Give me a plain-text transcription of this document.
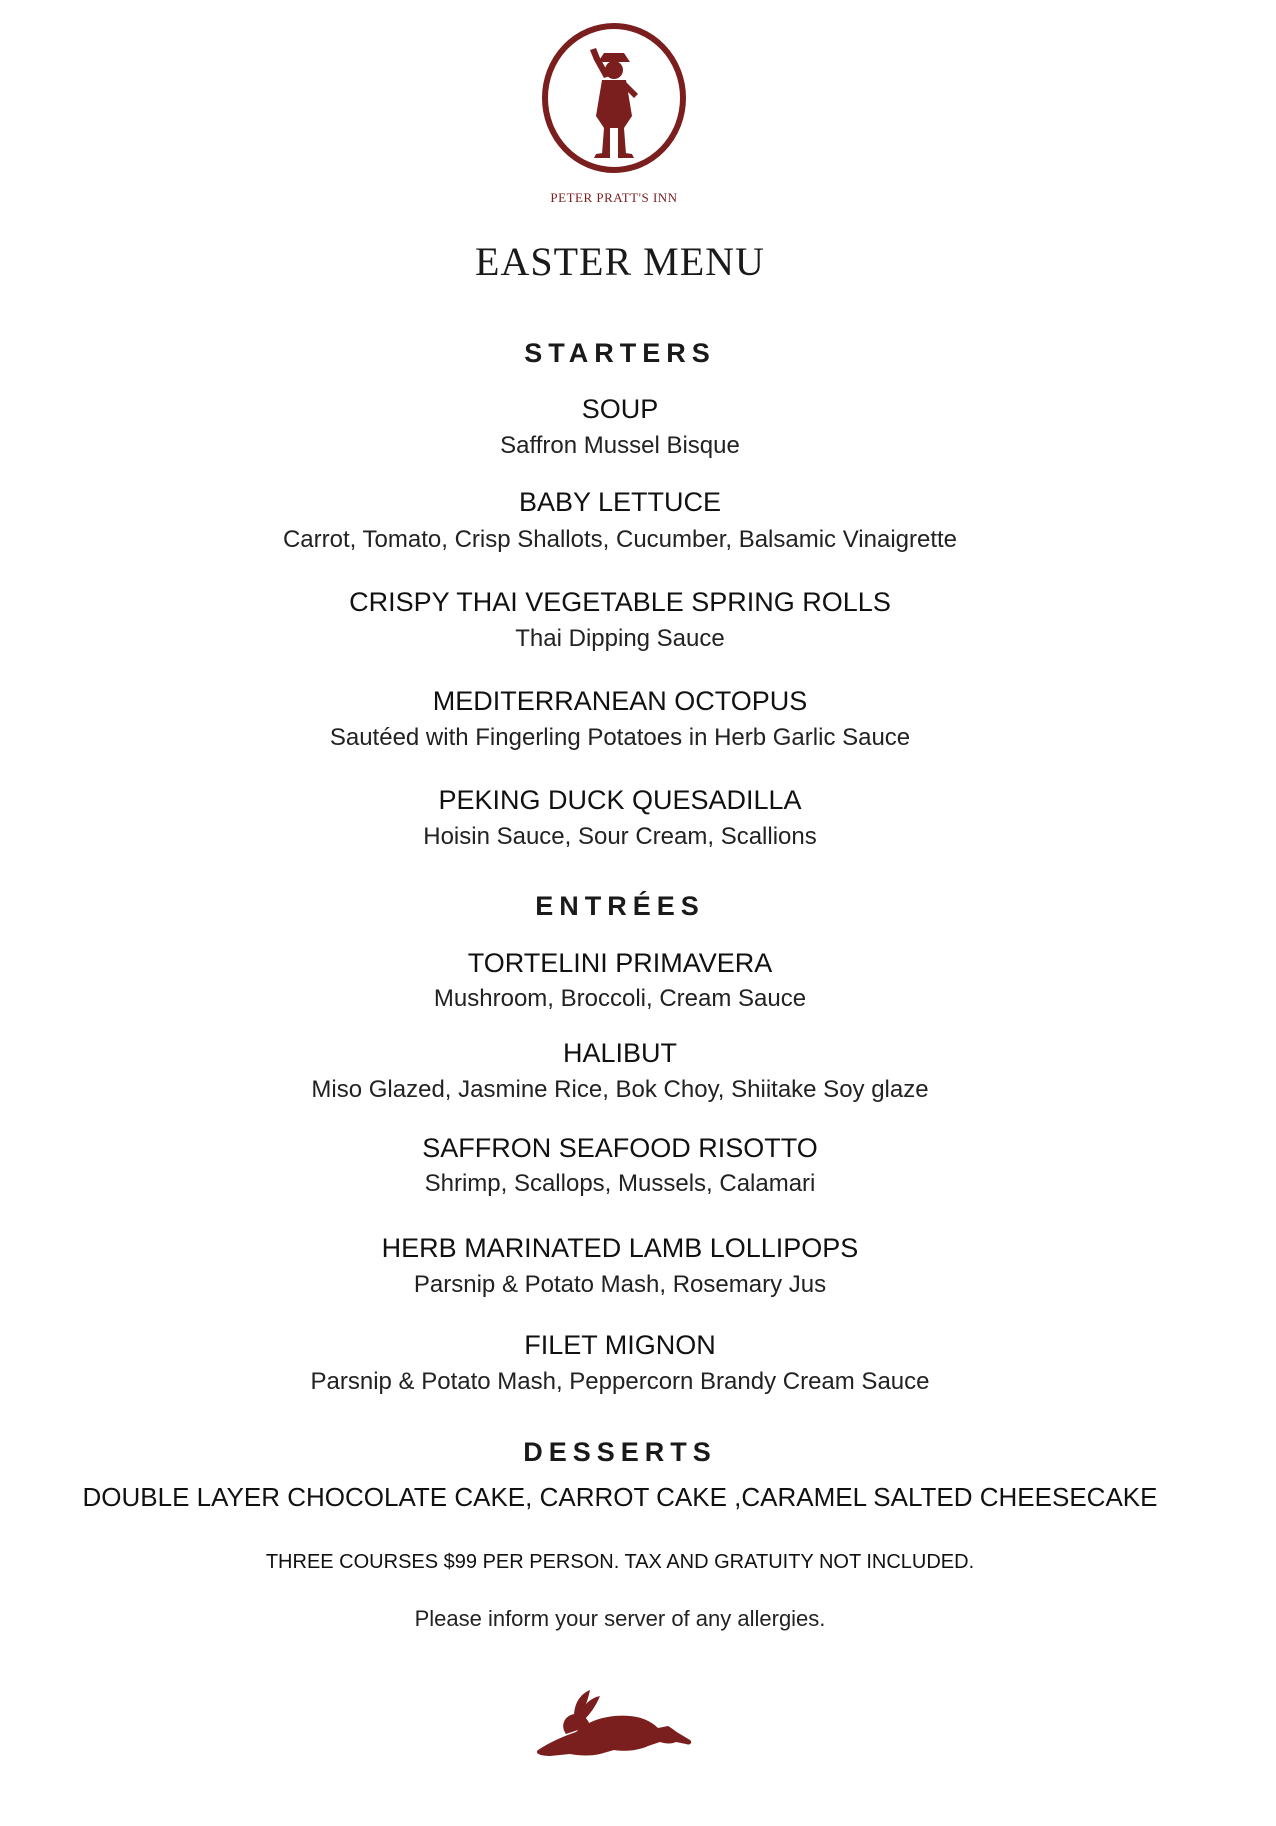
PETER PRATT'S INN
EASTER MENU
STARTERS
SOUP
Saffron Mussel Bisque
BABY LETTUCE
Carrot, Tomato, Crisp Shallots, Cucumber, Balsamic Vinaigrette
CRISPY THAI VEGETABLE SPRING ROLLS
Thai Dipping Sauce
MEDITERRANEAN OCTOPUS
Sautéed with Fingerling Potatoes in Herb Garlic Sauce
PEKING DUCK QUESADILLA
Hoisin Sauce, Sour Cream, Scallions
ENTRÉES
TORTELINI PRIMAVERA
Mushroom, Broccoli, Cream Sauce
HALIBUT
Miso Glazed, Jasmine Rice, Bok Choy, Shiitake Soy glaze
SAFFRON SEAFOOD RISOTTO
Shrimp, Scallops, Mussels, Calamari
HERB MARINATED LAMB LOLLIPOPS
Parsnip & Potato Mash, Rosemary Jus
FILET MIGNON
Parsnip & Potato Mash, Peppercorn Brandy Cream Sauce
DESSERTS
DOUBLE LAYER CHOCOLATE CAKE, CARROT CAKE ,CARAMEL SALTED CHEESECAKE
THREE COURSES $99 PER PERSON. TAX AND GRATUITY NOT INCLUDED.
Please inform your server of any allergies.
